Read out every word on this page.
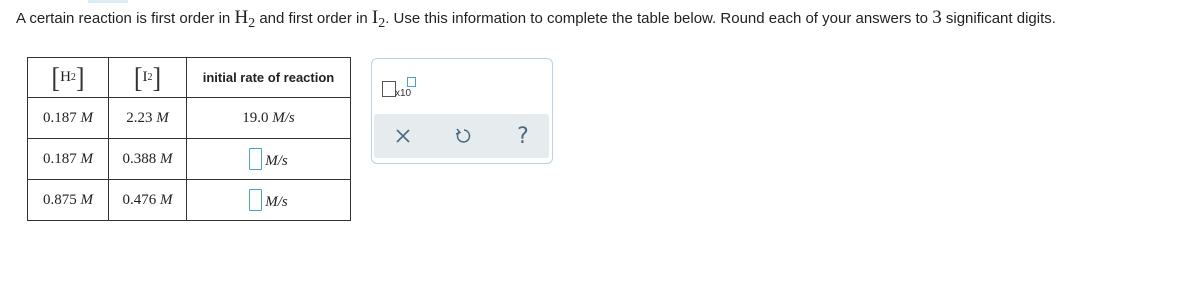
A certain reaction is first order in $H_2$ and first order in $I_2$. Use this information to complete the table below. Round each of your answers to 3 significant digits.
[ H 2 ]	[ I 2 ]	initial rate of reaction
0.187 M	2.23 M	19.0 M/s
0.187 M	0.388 M	M/s
0.875 M	0.476 M	M/s
x10
?
